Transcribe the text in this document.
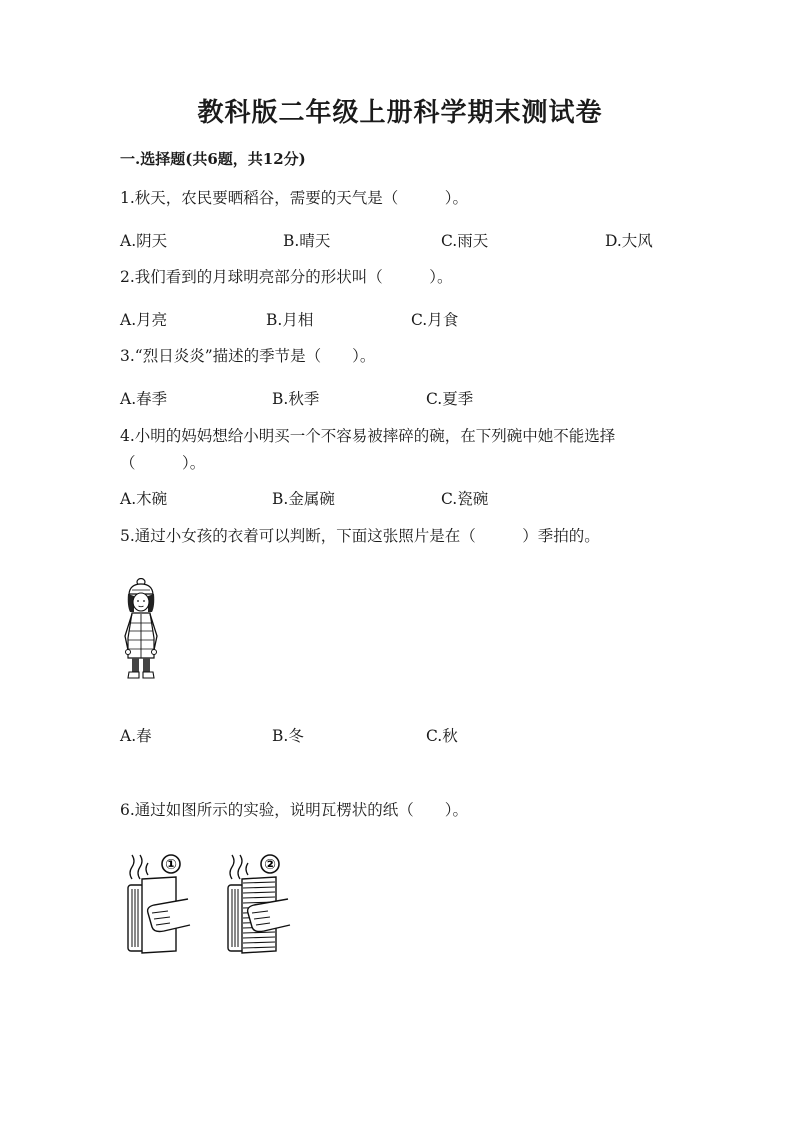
教科版二年级上册科学期末测试卷
一.选择题(共6题，共12分)
1.秋天，农民要晒稻谷，需要的天气是（　　　）。
A.阴天	B.晴天	C.雨天	D.大风
2.我们看到的月球明亮部分的形状叫（　　　）。
A.月亮	B.月相	C.月食
3.“烈日炎炎”描述的季节是（　　）。
A.春季	B.秋季	C.夏季
4.小明的妈妈想给小明买一个不容易被摔碎的碗，在下列碗中她不能选择（　　　）。
A.木碗	B.金属碗	C.瓷碗
5.通过小女孩的衣着可以判断，下面这张照片是在（　　　）季拍的。
A.春	B.冬	C.秋
6.通过如图所示的实验，说明瓦楞状的纸（　　）。
①	②
